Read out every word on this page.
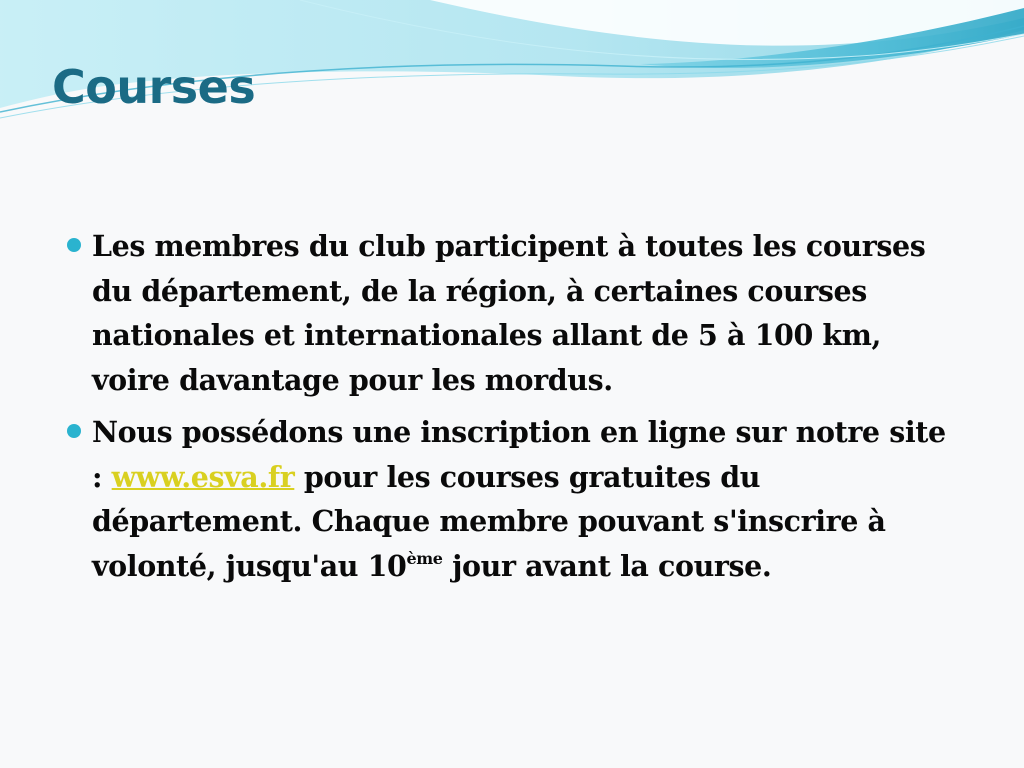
Courses
Les membres du club participent à toutes les courses du département, de la région, à certaines courses nationales et internationales allant de 5 à 100 km, voire davantage pour les mordus.
Nous possédons une inscription en ligne sur notre site : www.esva.fr pour les courses gratuites du département. Chaque membre pouvant s'inscrire à volonté, jusqu'au 10ème jour avant la course.
